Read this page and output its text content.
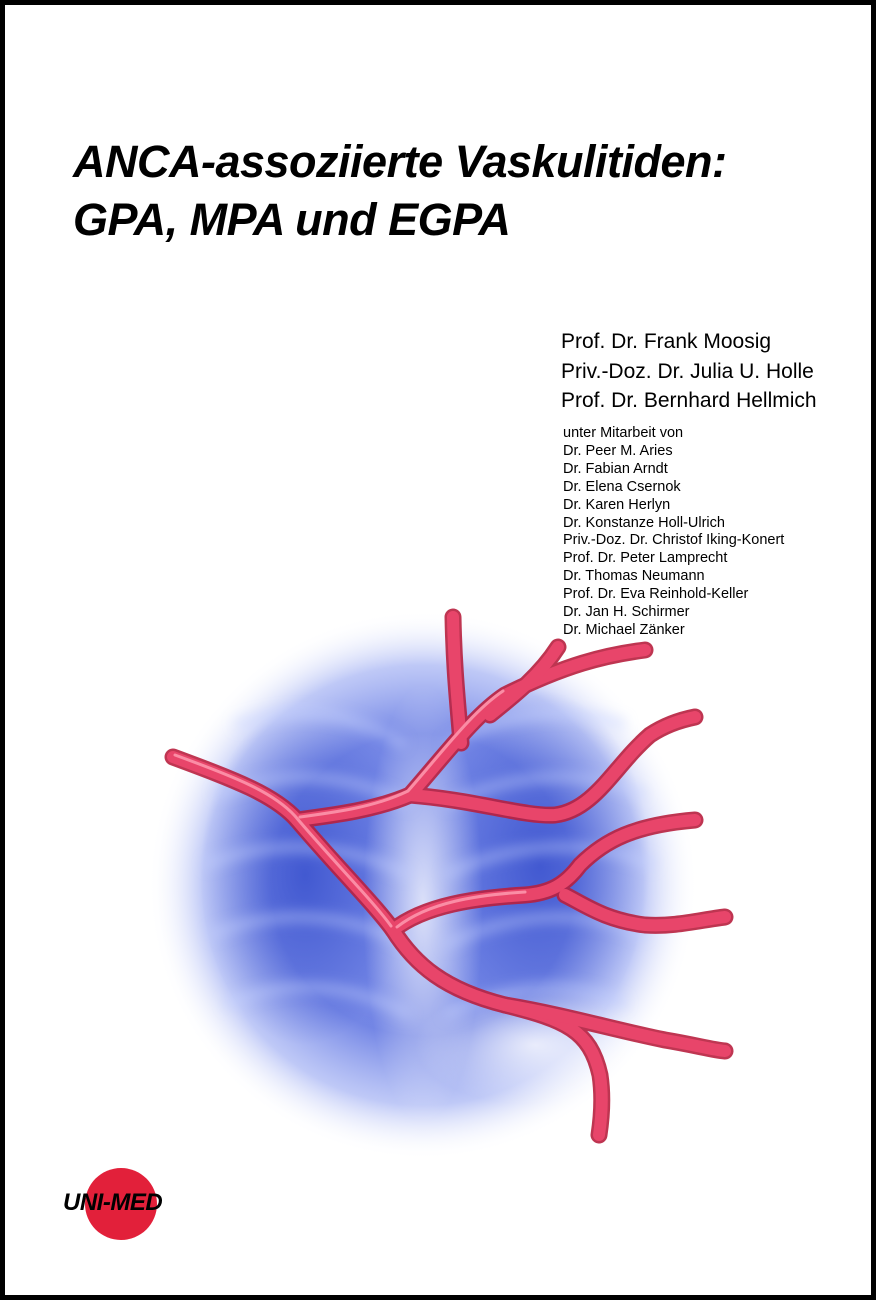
ANCA-assoziierte Vaskulitiden:
GPA, MPA und EGPA
Prof. Dr. Frank Moosig
Priv.-Doz. Dr. Julia U. Holle
Prof. Dr. Bernhard Hellmich
unter Mitarbeit von
Dr. Peer M. Aries
Dr. Fabian Arndt
Dr. Elena Csernok
Dr. Karen Herlyn
Dr. Konstanze Holl-Ulrich
Priv.-Doz. Dr. Christof Iking-Konert
Prof. Dr. Peter Lamprecht
Dr. Thomas Neumann
Prof. Dr. Eva Reinhold-Keller
Dr. Jan H. Schirmer
Dr. Michael Zänker
UNI-MED
